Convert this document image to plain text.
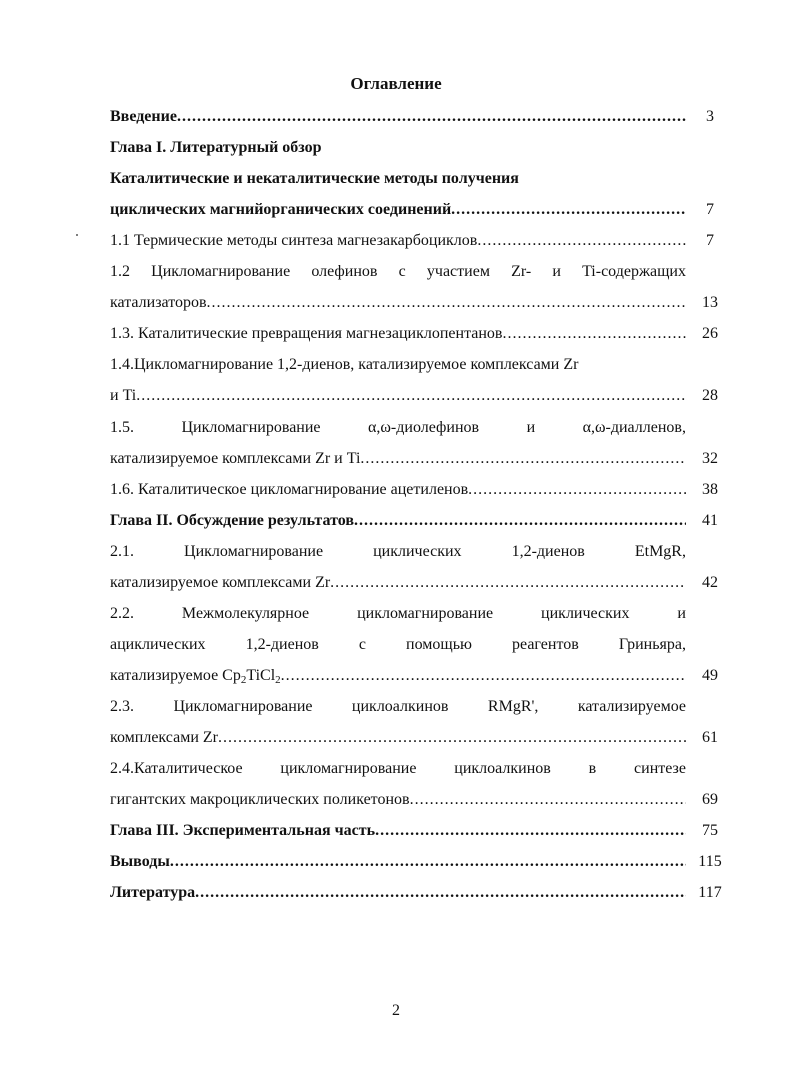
Оглавление
Введение .....	3
Глава I. Литературный обзор
Каталитические и некаталитические методы получения
циклических магнийорганических соединений .....	7
1.1 Термические методы синтеза магнезакарбоциклов .....	7
1.2 Цикломагнирование олефинов с участием Zr- и Ti-содержащих
катализаторов .....	13
1.3. Каталитические превращения магнезациклопентанов .....	26
1.4.Цикломагнирование 1,2-диенов, катализируемое комплексами Zr
и Ti .....	28
1.5.	Цикломагнирование	α,ω-диолефинов	и	α,ω-диалленов,
катализируемое комплексами Zr и Ti .....	32
1.6. Каталитическое цикломагнирование ацетиленов .....	38
Глава II. Обсуждение результатов .....	41
2.1.	Цикломагнирование	циклических	1,2-диенов	EtMgR,
катализируемое комплексами Zr .....	42
2.2.	Межмолекулярное	цикломагнирование	циклических	и
ациклических	1,2-диенов	с	помощью	реагентов	Гриньяра,
катализируемое $Cp_2TiCl_2$ .....	49
2.3. Цикломагнирование циклоалкинов RMgR', катализируемое
комплексами Zr .....	61
2.4.Каталитическое цикломагнирование циклоалкинов в синтезе
гигантских макроциклических поликетонов .....	69
Глава III. Экспериментальная часть .....	75
Выводы .....	115
Литература .....	117
2
